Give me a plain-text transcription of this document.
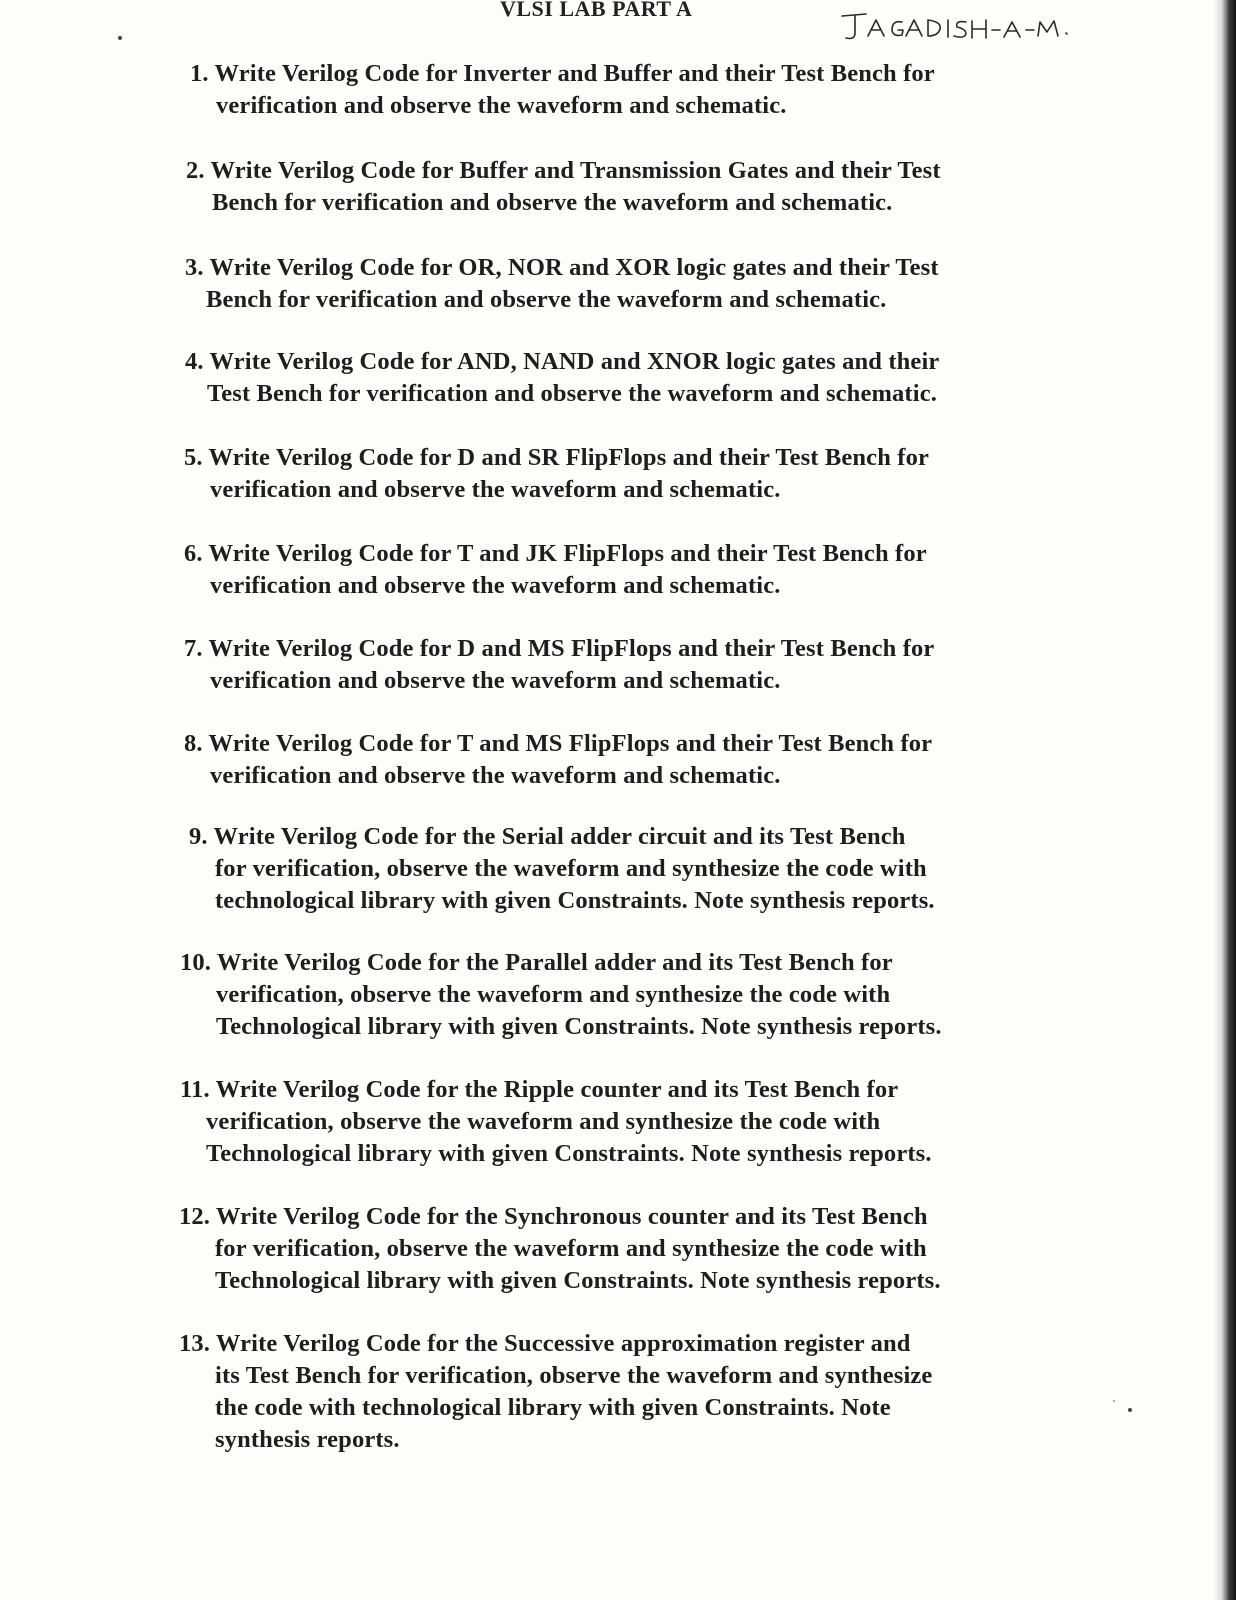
VLSI LAB PART A
1. Write Verilog Code for Inverter and Buffer and their Test Bench for
verification and observe the waveform and schematic.
2. Write Verilog Code for Buffer and Transmission Gates and their Test
Bench for verification and observe the waveform and schematic.
3. Write Verilog Code for OR, NOR and XOR logic gates and their Test
Bench for verification and observe the waveform and schematic.
4. Write Verilog Code for AND, NAND and XNOR logic gates and their
Test Bench for verification and observe the waveform and schematic.
5. Write Verilog Code for D and SR FlipFlops and their Test Bench for
verification and observe the waveform and schematic.
6. Write Verilog Code for T and JK FlipFlops and their Test Bench for
verification and observe the waveform and schematic.
7. Write Verilog Code for D and MS FlipFlops and their Test Bench for
verification and observe the waveform and schematic.
8. Write Verilog Code for T and MS FlipFlops and their Test Bench for
verification and observe the waveform and schematic.
9. Write Verilog Code for the Serial adder circuit and its Test Bench
for verification, observe the waveform and synthesize the code with
technological library with given Constraints. Note synthesis reports.
10. Write Verilog Code for the Parallel adder and its Test Bench for
verification, observe the waveform and synthesize the code with
Technological library with given Constraints. Note synthesis reports.
11. Write Verilog Code for the Ripple counter and its Test Bench for
verification, observe the waveform and synthesize the code with
Technological library with given Constraints. Note synthesis reports.
12. Write Verilog Code for the Synchronous counter and its Test Bench
for verification, observe the waveform and synthesize the code with
Technological library with given Constraints. Note synthesis reports.
13. Write Verilog Code for the Successive approximation register and
its Test Bench for verification, observe the waveform and synthesize
the code with technological library with given Constraints. Note
synthesis reports.
